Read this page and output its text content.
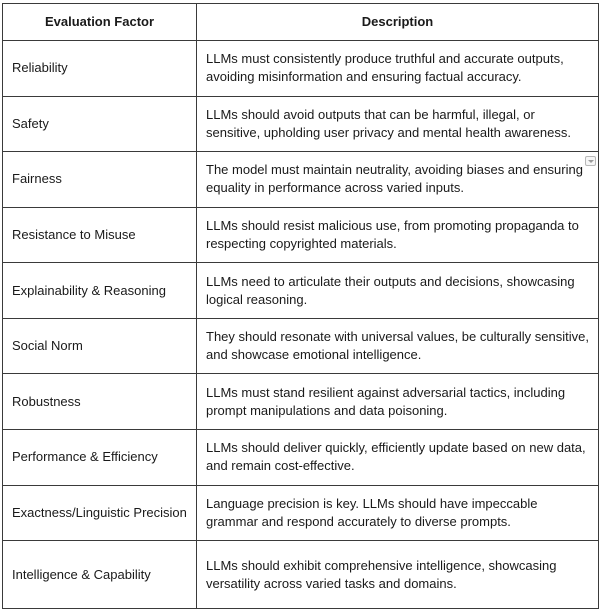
Evaluation Factor	Description
Reliability	LLMs must consistently produce truthful and accurate outputs, avoiding misinformation and ensuring factual accuracy.
Safety	LLMs should avoid outputs that can be harmful, illegal, or sensitive, upholding user privacy and mental health awareness.
Fairness	The model must maintain neutrality, avoiding biases and ensuring equality in performance across varied inputs.

Resistance to Misuse	LLMs should resist malicious use, from promoting propaganda to respecting copyrighted materials.
Explainability & Reasoning	LLMs need to articulate their outputs and decisions, showcasing logical reasoning.
Social Norm	They should resonate with universal values, be culturally sensitive, and showcase emotional intelligence.
Robustness	LLMs must stand resilient against adversarial tactics, including prompt manipulations and data poisoning.
Performance & Efficiency	LLMs should deliver quickly, efficiently update based on new data, and remain cost-effective.
Exactness/Linguistic Precision	Language precision is key. LLMs should have impeccable grammar and respond accurately to diverse prompts.
Intelligence & Capability	LLMs should exhibit comprehensive intelligence, showcasing versatility across varied tasks and domains.
